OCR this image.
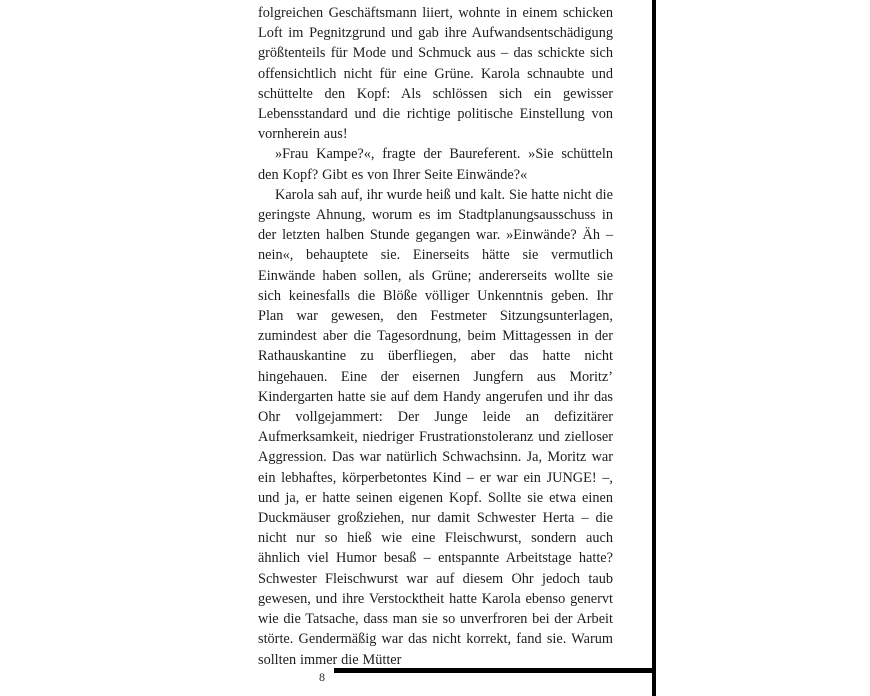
folgreichen Geschäftsmann liiert, wohnte in einem schicken Loft im Pegnitzgrund und gab ihre Aufwandsentschädigung größtenteils für Mode und Schmuck aus – das schickte sich offensichtlich nicht für eine Grüne. Karola schnaubte und schüttelte den Kopf: Als schlössen sich ein gewisser Lebensstandard und die richtige politische Einstellung von vornherein aus!

»Frau Kampe?«, fragte der Baureferent. »Sie schütteln den Kopf? Gibt es von Ihrer Seite Einwände?«

Karola sah auf, ihr wurde heiß und kalt. Sie hatte nicht die geringste Ahnung, worum es im Stadtplanungsausschuss in der letzten halben Stunde gegangen war. »Einwände? Äh – nein«, behauptete sie. Einerseits hätte sie vermutlich Einwände haben sollen, als Grüne; andererseits wollte sie sich keinesfalls die Blöße völliger Unkenntnis geben. Ihr Plan war gewesen, den Festmeter Sitzungsunterlagen, zumindest aber die Tagesordnung, beim Mittagessen in der Rathauskantine zu überfliegen, aber das hatte nicht hingehauen. Eine der eisernen Jungfern aus Moritz’ Kindergarten hatte sie auf dem Handy angerufen und ihr das Ohr vollgejammert: Der Junge leide an defizitärer Aufmerksamkeit, niedriger Frustrationstoleranz und zielloser Aggression. Das war natürlich Schwachsinn. Ja, Moritz war ein lebhaftes, körperbetontes Kind – er war ein JUNGE! –, und ja, er hatte seinen eigenen Kopf. Sollte sie etwa einen Duckmäuser großziehen, nur damit Schwester Herta – die nicht nur so hieß wie eine Fleischwurst, sondern auch ähnlich viel Humor besaß – entspannte Arbeitstage hatte? Schwester Fleischwurst war auf diesem Ohr jedoch taub gewesen, und ihre Verstocktheit hatte Karola ebenso genervt wie die Tatsache, dass man sie so unverfroren bei der Arbeit störte. Gendermäßig war das nicht korrekt, fand sie. Warum sollten immer die Mütter

8
